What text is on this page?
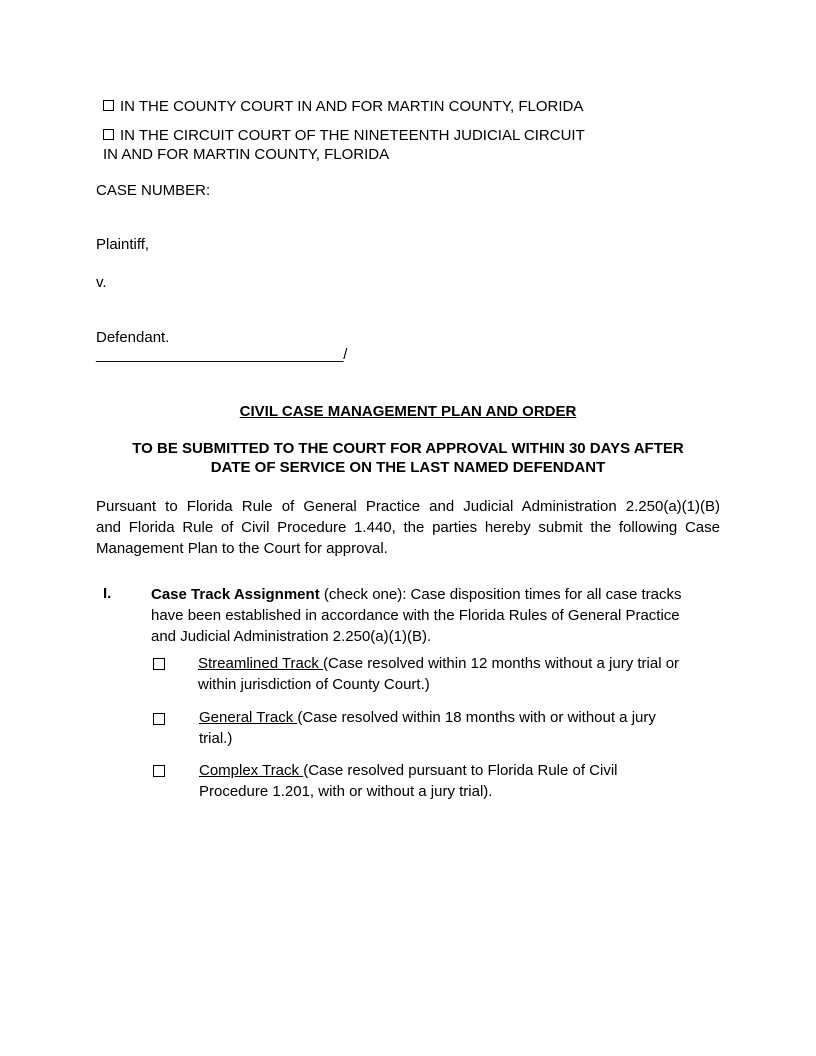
IN THE COUNTY COURT IN AND FOR MARTIN COUNTY, FLORIDA
IN THE CIRCUIT COURT OF THE NINETEENTH JUDICIAL CIRCUIT
IN AND FOR MARTIN COUNTY, FLORIDA
CASE NUMBER:
Plaintiff,
v.
Defendant.
______________________________/
CIVIL CASE MANAGEMENT PLAN AND ORDER
TO BE SUBMITTED TO THE COURT FOR APPROVAL WITHIN 30 DAYS AFTER
DATE OF SERVICE ON THE LAST NAMED DEFENDANT
Pursuant to Florida Rule of General Practice and Judicial Administration 2.250(a)(1)(B)
and Florida Rule of Civil Procedure 1.440, the parties hereby submit the following Case
Management Plan to the Court for approval.
I.	Case Track Assignment (check one): Case disposition times for all case tracks
have been established in accordance with the Florida Rules of General Practice
and Judicial Administration 2.250(a)(1)(B).
Streamlined Track (Case resolved within 12 months without a jury trial or
within jurisdiction of County Court.)
General Track (Case resolved within 18 months with or without a jury
trial.)
Complex Track (Case resolved pursuant to Florida Rule of Civil
Procedure 1.201, with or without a jury trial).
